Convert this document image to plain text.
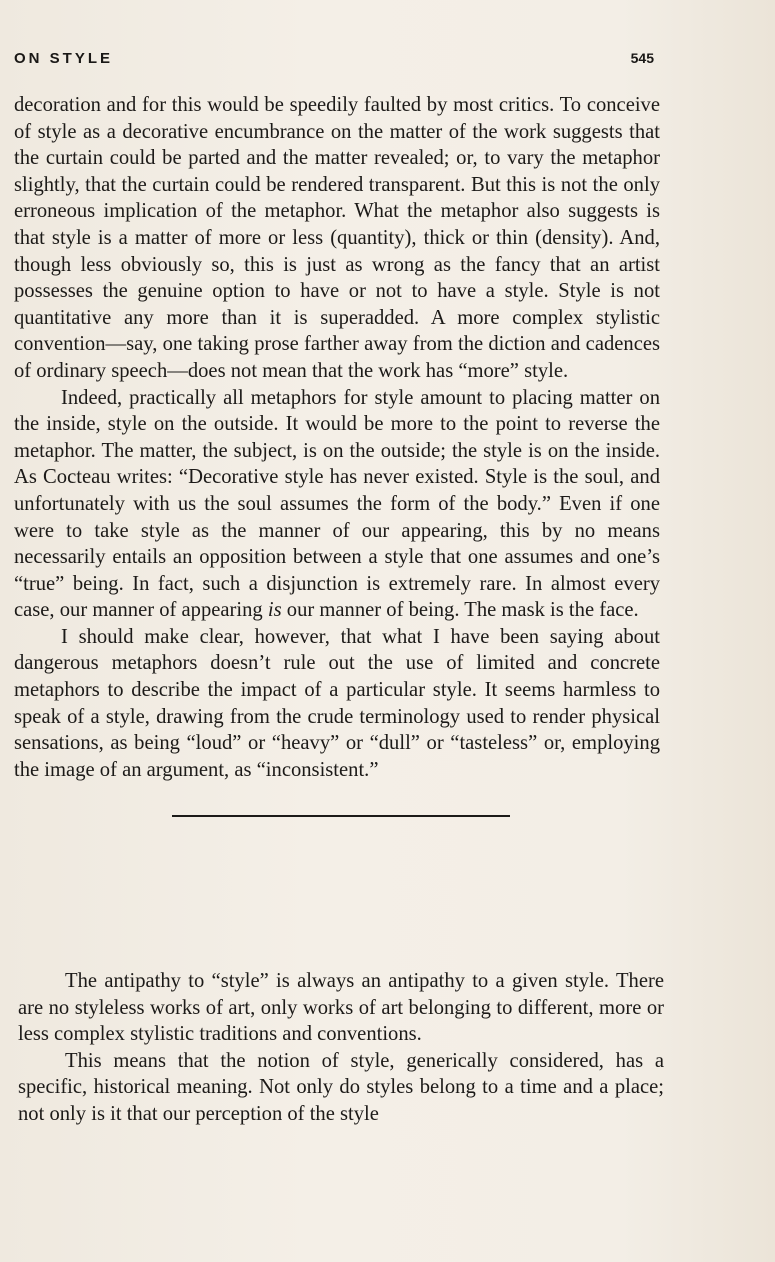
ON STYLE	545

decoration and for this would be speedily faulted by most critics. To conceive of style as a decorative encumbrance on the matter of the work suggests that the curtain could be parted and the matter revealed; or, to vary the metaphor slightly, that the curtain could be rendered transparent. But this is not the only erroneous implication of the metaphor. What the metaphor also suggests is that style is a matter of more or less (quantity), thick or thin (density). And, though less obviously so, this is just as wrong as the fancy that an artist possesses the genuine option to have or not to have a style. Style is not quantitative any more than it is superadded. A more complex stylistic convention—say, one taking prose farther away from the diction and cadences of ordinary speech—does not mean that the work has “more” style.

Indeed, practically all metaphors for style amount to placing matter on the inside, style on the outside. It would be more to the point to reverse the metaphor. The matter, the subject, is on the outside; the style is on the inside. As Cocteau writes: “Decorative style has never existed. Style is the soul, and unfortunately with us the soul assumes the form of the body.” Even if one were to take style as the manner of our appearing, this by no means necessarily entails an opposition between a style that one assumes and one’s “true” being. In fact, such a disjunction is extremely rare. In almost every case, our manner of appearing is our manner of being. The mask is the face.

I should make clear, however, that what I have been saying about dangerous metaphors doesn’t rule out the use of limited and concrete metaphors to describe the impact of a particular style. It seems harmless to speak of a style, drawing from the crude terminology used to render physical sensations, as being “loud” or “heavy” or “dull” or “tasteless” or, employing the image of an argument, as “inconsistent.”

The antipathy to “style” is always an antipathy to a given style. There are no styleless works of art, only works of art belonging to different, more or less complex stylistic traditions and conventions.

This means that the notion of style, generically considered, has a specific, historical meaning. Not only do styles belong to a time and a place; not only is it that our perception of the style
